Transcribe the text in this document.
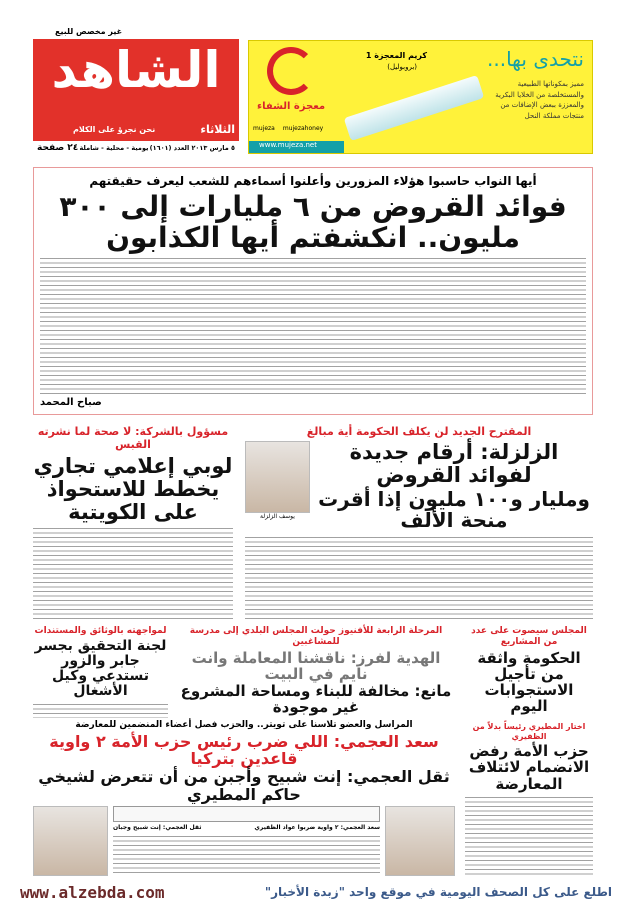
غير مخصص للبيع
الشاهد
نحن نجرؤ على الكلام	الثلاثاء
٥ مارس ٢٠١٣ العدد (١٦٠١)
يومية - محلية - شاملة
٢٤ صفحة
نتحدى بها...
مميز بمكوناتها الطبيعية والمستخلصة من الخلايا البكرية والمعززة ببعض الإضافات من منتجات مملكة النحل
كريم المعجزة 1
(بروبوليل)
معجزة الشفاء
mujeza mujezahoney
www.mujeza.net
أيها النواب حاسبوا هؤلاء المزورين وأعلنوا أسماءهم للشعب ليعرف حقيقتهم
فوائد القروض من ٦ مليارات إلى ٣٠٠ مليون.. انكشفتم أيها الكذابون
صباح المحمد
المقترح الجديد لن يكلف الحكومة أية مبالغ
الزلزلة: أرقام جديدة لفوائد القروض
ومليار و١٠٠ مليون إذا أقرت منحة الألف
يوسف الزلزلة
مسؤول بالشركة: لا صحة لما نشرته القبس
لوبي إعلامي تجاري يخطط للاستحواذ على الكويتية
المجلس سيصوت على عدد من المشاريع
الحكومة واثقة من تأجيل الاستجوابات اليوم
المرحلة الرابعة للأفنيوز حولت المجلس البلدي إلى مدرسة للمشاغبين
الهدية لفرز: ناقشنا المعاملة وانت نايم في البيت
مانع: مخالفة للبناء ومساحة المشروع غير موجودة
لمواجهته بالوثائق والمستندات
لجنة التحقيق بجسر جابر والزور تستدعي وكيل الأشغال
المراسل والعضو تلاسنا على تويتر.. والحزب فصل أعضاء المنضمين للمعارضة
سعد العجمي: اللي ضرب رئيس حزب الأمة ٢ واوية قاعدين بتركيا
ثقل العجمي: إنت شبيح وأجبن من أن تتعرض لشيخي حاكم المطيري
سعد العجمي: ٢ واوية ضربوا عواد الظفيري
ثقل العجمي: إنت شبيح وجبان
اختار المطيري رئيساً بدلاً من الظفيري
حزب الأمة رفض الانضمام لائتلاف المعارضة
اطلع على كل الصحف اليومية في موقع واحد "زبدة الأخبار"
www.alzebda.com
